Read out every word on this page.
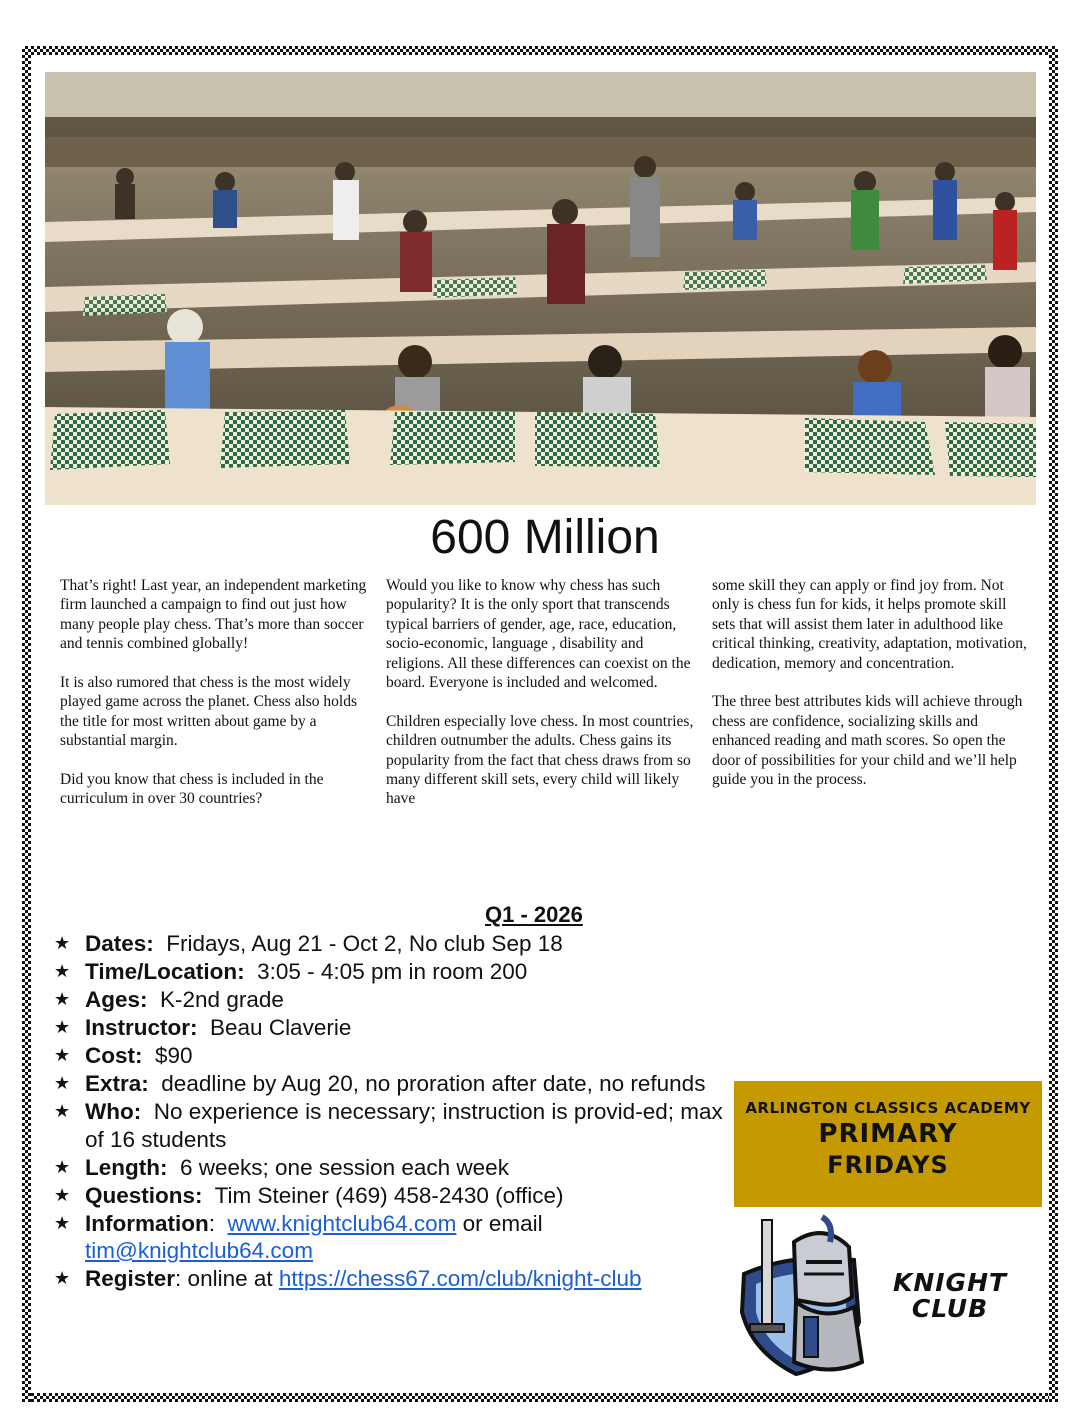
600 Million

That’s right! Last year, an independent marketing firm launched a campaign to find out just how many people play chess. That’s more than soccer and tennis combined globally!

It is also rumored that chess is the most widely played game across the planet. Chess also holds the title for most written about game by a substantial margin.

Did you know that chess is included in the curriculum in over 30 countries?

Would you like to know why chess has such popularity? It is the only sport that transcends typical barriers of gender, age, race, education, socio-economic, language , disability and religions. All these differences can coexist on the board. Everyone is included and welcomed.

Children especially love chess. In most countries, children outnumber the adults. Chess gains its popularity from the fact that chess draws from so many different skill sets, every child will likely have

some skill they can apply or find joy from. Not only is chess fun for kids, it helps promote skill sets that will assist them later in adulthood like critical thinking, creativity, adaptation, motivation, dedication, memory and concentration.

The three best attributes kids will achieve through chess are confidence, socializing skills and enhanced reading and math scores. So open the door of possibilities for your child and we’ll help guide you in the process.

Q1 - 2026
★ Dates: Fridays, Aug 21 - Oct 2, No club Sep 18
★ Time/Location: 3:05 - 4:05 pm in room 200
★ Ages: K-2nd grade
★ Instructor: Beau Claverie
★ Cost: $90
★ Extra: deadline by Aug 20, no proration after date, no refunds
★ Who: No experience is necessary; instruction is provid-ed; max of 16 students
★ Length: 6 weeks; one session each week
★ Questions: Tim Steiner (469) 458-2430 (office)
★ Information:  www.knightclub64.com or email tim@knightclub64.com
★ Register: online at https://chess67.com/club/knight-club
ARLINGTON CLASSICS ACADEMY
PRIMARY
FRIDAYS
KNIGHT
CLUB
